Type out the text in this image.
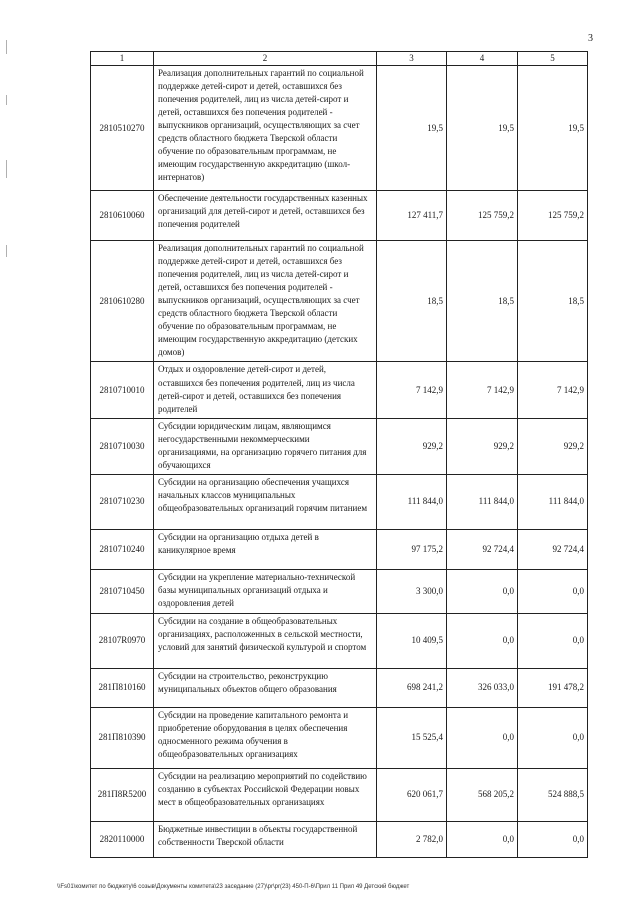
3
1	2	3	4	5
2810510270	Реализация дополнительных гарантий по социальной поддержке детей-сирот и детей, оставшихся без попечения родителей, лиц из числа детей-сирот и детей, оставшихся без попечения родителей - выпускников организаций, осуществляющих за счет средств областного бюджета Тверской области обучение по образовательным программам, не имеющим государственную аккредитацию (школ-интернатов)	19,5	19,5	19,5
2810610060	Обеспечение деятельности государственных казенных организаций для детей-сирот и детей, оставшихся без попечения родителей	127 411,7	125 759,2	125 759,2
2810610280	Реализация дополнительных гарантий по социальной поддержке детей-сирот и детей, оставшихся без попечения родителей, лиц из числа детей-сирот и детей, оставшихся без попечения родителей - выпускников организаций, осуществляющих за счет средств областного бюджета Тверской области обучение по образовательным программам, не имеющим государственную аккредитацию (детских домов)	18,5	18,5	18,5
2810710010	Отдых и оздоровление детей-сирот и детей, оставшихся без попечения родителей, лиц из числа детей-сирот и детей, оставшихся без попечения родителей	7 142,9	7 142,9	7 142,9
2810710030	Субсидии юридическим лицам, являющимся негосударственными некоммерческими организациями, на организацию горячего питания для обучающихся	929,2	929,2	929,2
2810710230	Субсидии на организацию обеспечения учащихся начальных классов муниципальных общеобразовательных организаций горячим питанием	111 844,0	111 844,0	111 844,0
2810710240	Субсидии на организацию отдыха детей в каникулярное время	97 175,2	92 724,4	92 724,4
2810710450	Субсидии на укрепление материально-технической базы муниципальных организаций отдыха и оздоровления детей	3 300,0	0,0	0,0
28107R0970	Субсидии на создание в общеобразовательных организациях, расположенных в сельской местности, условий для занятий физической культурой и спортом	10 409,5	0,0	0,0
281П810160	Субсидии на строительство, реконструкцию муниципальных объектов общего образования	698 241,2	326 033,0	191 478,2
281П810390	Субсидии на проведение капитального ремонта и приобретение оборудования в целях обеспечения односменного режима обучения в общеобразовательных организациях	15 525,4	0,0	0,0
281П8R5200	Субсидии на реализацию мероприятий по содействию созданию в субъектах Российской Федерации новых мест в общеобразовательных организациях	620 061,7	568 205,2	524 888,5
2820110000	Бюджетные инвестиции в объекты государственной собственности Тверской области	2 782,0	0,0	0,0
\\Fs01\комитет по бюджету\6 созыв\Документы комитета\23 заседание (27)\pr\pr(23) 450-П-6\Прил 11 Прил 49 Детский бюджет
